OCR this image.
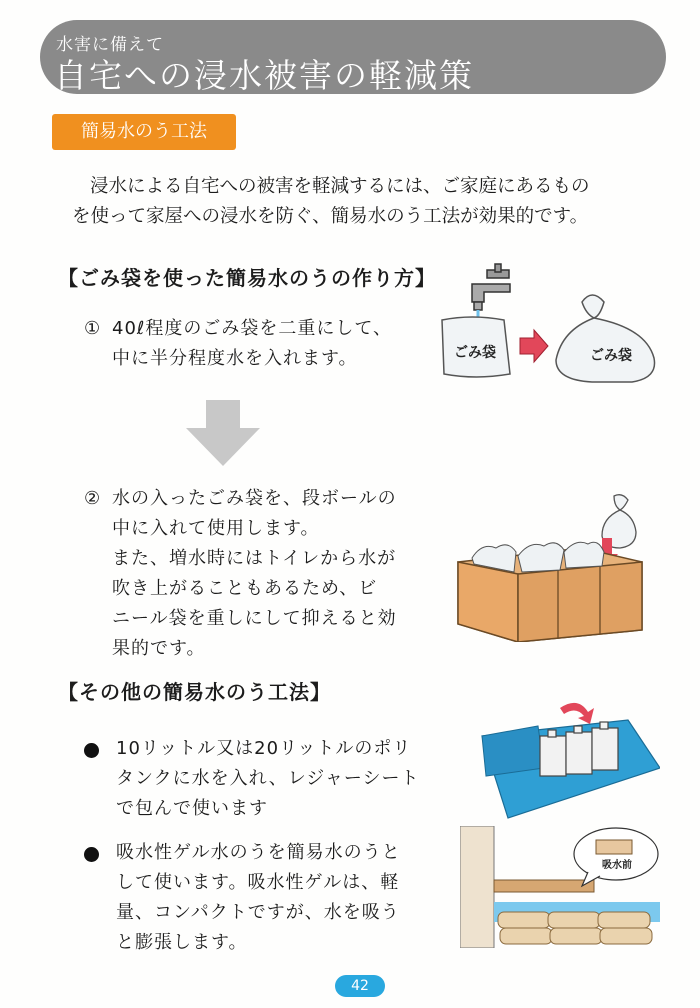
水害に備えて
自宅への浸水被害の軽減策
簡易水のう工法

浸水による自宅への被害を軽減するには、ご家庭にあるもの

を使って家屋への浸水を防ぐ、簡易水のう工法が効果的です。

【ごみ袋を使った簡易水のうの作り方】
① 40ℓ程度のごみ袋を二重にして、

中に半分程度水を入れます。	ごみ袋	ごみ袋
② 水の入ったごみ袋を、段ボールの

中に入れて使用します。

また、増水時にはトイレから水が

吹き上がることもあるため、ビ

ニール袋を重しにして抑えると効

果的です。

【その他の簡易水のう工法】

10リットル又は20リットルのポリ

タンクに水を入れ、レジャーシート

で包んで使います

吸水性ゲル水のうを簡易水のうと

して使います。吸水性ゲルは、軽

量、コンパクトですが、水を吸う

と膨張します。

吸水前
42
